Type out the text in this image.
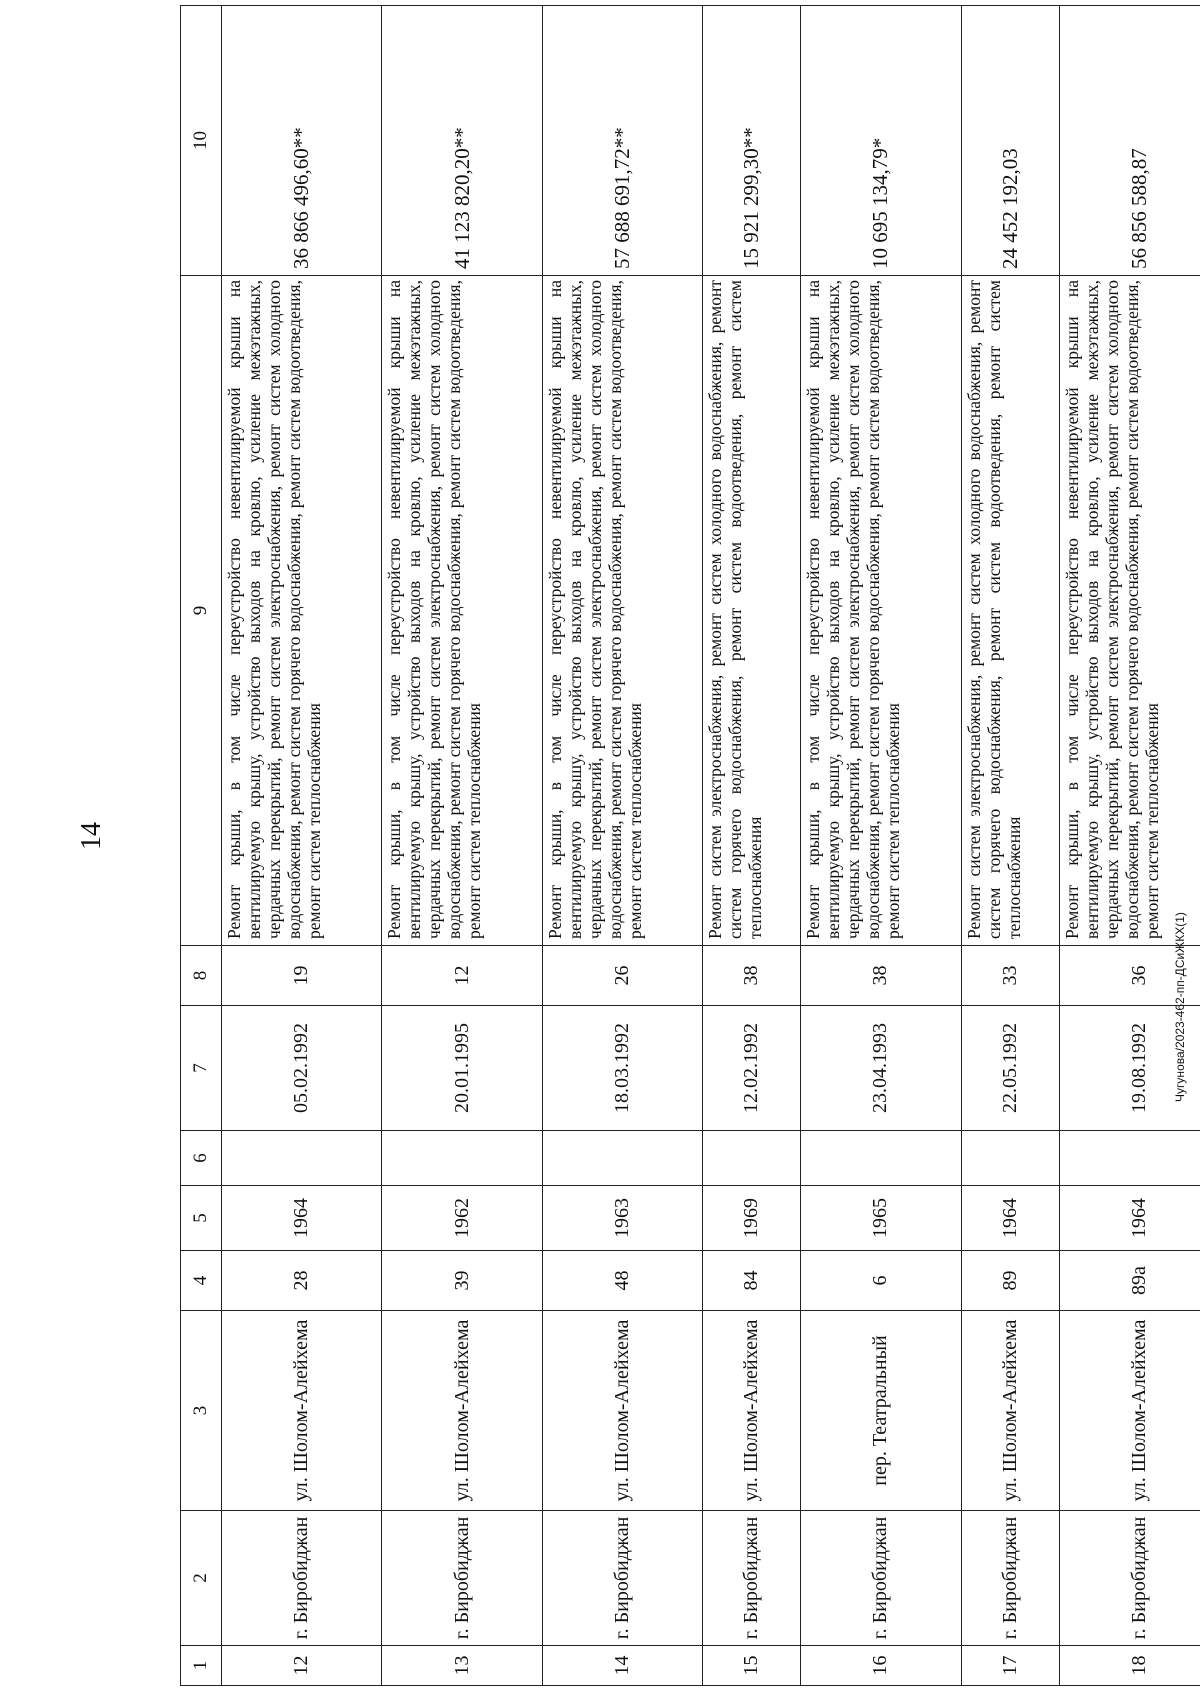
14
Чугунова/2023-462-пп-ДСиЖКХ(1)
1	2	3	4	5	6	7	8	9	10
12	г. Биробиджан	ул. Шолом-Алейхема	28	1964		05.02.1992	19	Ремонт крыши, в том числе переустройство невентилируемой крыши на вентилируемую крышу, устройство выходов на кровлю, усиление межэтажных, чердачных перекрытий, ремонт систем электроснабжения, ремонт систем холодного водоснабжения, ремонт систем горячего водоснабжения, ремонт систем водоотведения, ремонт систем теплоснабжения	36 866 496,60**
13	г. Биробиджан	ул. Шолом-Алейхема	39	1962		20.01.1995	12	Ремонт крыши, в том числе переустройство невентилируемой крыши на вентилируемую крышу, устройство выходов на кровлю, усиление межэтажных, чердачных перекрытий, ремонт систем электроснабжения, ремонт систем холодного водоснабжения, ремонт систем горячего водоснабжения, ремонт систем водоотведения, ремонт систем теплоснабжения	41 123 820,20**
14	г. Биробиджан	ул. Шолом-Алейхема	48	1963		18.03.1992	26	Ремонт крыши, в том числе переустройство невентилируемой крыши на вентилируемую крышу, устройство выходов на кровлю, усиление межэтажных, чердачных перекрытий, ремонт систем электроснабжения, ремонт систем холодного водоснабжения, ремонт систем горячего водоснабжения, ремонт систем водоотведения, ремонт систем теплоснабжения	57 688 691,72**
15	г. Биробиджан	ул. Шолом-Алейхема	84	1969		12.02.1992	38	Ремонт систем электроснабжения, ремонт систем холодного водоснабжения, ремонт систем горячего водоснабжения, ремонт систем водоотведения, ремонт систем теплоснабжения	15 921 299,30**
16	г. Биробиджан	пер. Театральный	6	1965		23.04.1993	38	Ремонт крыши, в том числе переустройство невентилируемой крыши на вентилируемую крышу, устройство выходов на кровлю, усиление межэтажных, чердачных перекрытий, ремонт систем электроснабжения, ремонт систем холодного водоснабжения, ремонт систем горячего водоснабжения, ремонт систем водоотведения, ремонт систем теплоснабжения	10 695 134,79*
17	г. Биробиджан	ул. Шолом-Алейхема	89	1964		22.05.1992	33	Ремонт систем электроснабжения, ремонт систем холодного водоснабжения, ремонт систем горячего водоснабжения, ремонт систем водоотведения, ремонт систем теплоснабжения	24 452 192,03
18	г. Биробиджан	ул. Шолом-Алейхема	89а	1964		19.08.1992	36	Ремонт крыши, в том числе переустройство невентилируемой крыши на вентилируемую крышу, устройство выходов на кровлю, усиление межэтажных, чердачных перекрытий, ремонт систем электроснабжения, ремонт систем холодного водоснабжения, ремонт систем горячего водоснабжения, ремонт систем водоотведения, ремонт систем теплоснабжения	56 856 588,87
